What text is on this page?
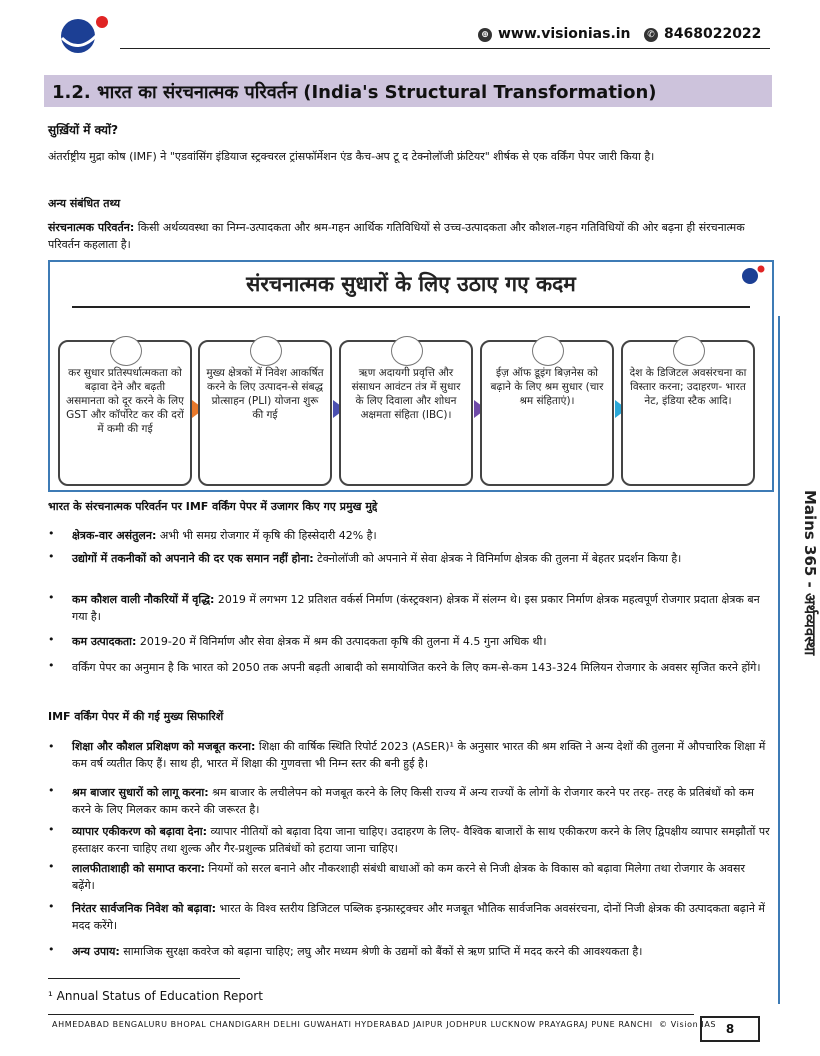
⊕ www.visionias.in	✆ 8468022022
1.2. भारत का संरचनात्मक परिवर्तन (India's Structural Transformation)
सुर्ख़ियों में क्यों?
अंतर्राष्ट्रीय मुद्रा कोष (IMF) ने "एडवांसिंग इंडियाज स्ट्रक्चरल ट्रांसफॉर्मेशन एंड कैच-अप टू द टेक्नोलॉजी फ्रंटियर" शीर्षक से एक वर्किंग पेपर जारी किया है।
अन्य संबंधित तथ्य
संरचनात्मक परिवर्तन: किसी अर्थव्यवस्था का निम्न-उत्पादकता और श्रम-गहन आर्थिक गतिविधियों से उच्च-उत्पादकता और कौशल-गहन गतिविधियों की ओर बढ़ना ही संरचनात्मक परिवर्तन कहलाता है।
संरचनात्मक सुधारों के लिए उठाए गए कदम
कर सुधार प्रतिस्पर्धात्मकता को बढ़ावा देने और बढ़ती असमानता को दूर करने के लिए GST और कॉर्पोरेट कर की दरों में कमी की गई
मुख्य क्षेत्रकों में निवेश आकर्षित करने के लिए उत्पादन-से संबद्ध प्रोत्साहन (PLI) योजना शुरू की गई
ऋण अदायगी प्रवृत्ति और संसाधन आवंटन तंत्र में सुधार के लिए दिवाला और शोधन अक्षमता संहिता (IBC)।
ईज़ ऑफ डूइंग बिज़नेस को बढ़ाने के लिए श्रम सुधार (चार श्रम संहिताएं)।
देश के डिजिटल अवसंरचना का विस्तार करना; उदाहरण- भारत नेट, इंडिया स्टैक आदि।
भारत के संरचनात्मक परिवर्तन पर IMF वर्किंग पेपर में उजागर किए गए प्रमुख मुद्दे
•	क्षेत्रक-वार असंतुलन: अभी भी समग्र रोजगार में कृषि की हिस्सेदारी 42% है।
•	उद्योगों में तकनीकों को अपनाने की दर एक समान नहीं होना: टेक्नोलॉजी को अपनाने में सेवा क्षेत्रक ने विनिर्माण क्षेत्रक की तुलना में बेहतर प्रदर्शन किया है।
•	कम कौशल वाली नौकरियों में वृद्धि: 2019 में लगभग 12 प्रतिशत वर्कर्स निर्माण (कंस्ट्रक्शन) क्षेत्रक में संलग्न थे। इस प्रकार निर्माण क्षेत्रक महत्वपूर्ण रोजगार प्रदाता क्षेत्रक बन गया है।
•	कम उत्पादकता: 2019-20 में विनिर्माण और सेवा क्षेत्रक में श्रम की उत्पादकता कृषि की तुलना में 4.5 गुना अधिक थी।
•	वर्किंग पेपर का अनुमान है कि भारत को 2050 तक अपनी बढ़ती आबादी को समायोजित करने के लिए कम-से-कम 143-324 मिलियन रोजगार के अवसर सृजित करने होंगे।
IMF वर्किंग पेपर में की गई मुख्य सिफारिशें
•	शिक्षा और कौशल प्रशिक्षण को मजबूत करना: शिक्षा की वार्षिक स्थिति रिपोर्ट 2023 (ASER)¹ के अनुसार भारत की श्रम शक्ति ने अन्य देशों की तुलना में औपचारिक शिक्षा में कम वर्ष व्यतीत किए हैं। साथ ही, भारत में शिक्षा की गुणवत्ता भी निम्न स्तर की बनी हुई है।
•	श्रम बाजार सुधारों को लागू करना: श्रम बाजार के लचीलेपन को मजबूत करने के लिए किसी राज्य में अन्य राज्यों के लोगों के रोजगार करने पर तरह- तरह के प्रतिबंधों को कम करने के लिए मिलकर काम करने की जरूरत है।
•	व्यापार एकीकरण को बढ़ावा देना: व्यापार नीतियों को बढ़ावा दिया जाना चाहिए। उदाहरण के लिए- वैश्विक बाजारों के साथ एकीकरण करने के लिए द्विपक्षीय व्यापार समझौतों पर हस्ताक्षर करना चाहिए तथा शुल्क और गैर-प्रशुल्क प्रतिबंधों को हटाया जाना चाहिए।
•	लालफीताशाही को समाप्त करना: नियमों को सरल बनाने और नौकरशाही संबंधी बाधाओं को कम करने से निजी क्षेत्रक के विकास को बढ़ावा मिलेगा तथा रोजगार के अवसर बढ़ेंगे।
•	निरंतर सार्वजनिक निवेश को बढ़ावा: भारत के विश्व स्तरीय डिजिटल पब्लिक इन्फ्रास्ट्रक्चर और मजबूत भौतिक सार्वजनिक अवसंरचना, दोनों निजी क्षेत्रक की उत्पादकता बढ़ाने में मदद करेंगे।
•	अन्य उपाय: सामाजिक सुरक्षा कवरेज को बढ़ाना चाहिए; लघु और मध्यम श्रेणी के उद्यमों को बैंकों से ऋण प्राप्ति में मदद करने की आवश्यकता है।
Mains 365 - अर्थव्यवस्था
¹ Annual Status of Education Report
AHMEDABAD BENGALURU BHOPAL CHANDIGARH DELHI GUWAHATI HYDERABAD JAIPUR JODHPUR LUCKNOW PRAYAGRAJ PUNE RANCHI © Vision IAS 8
